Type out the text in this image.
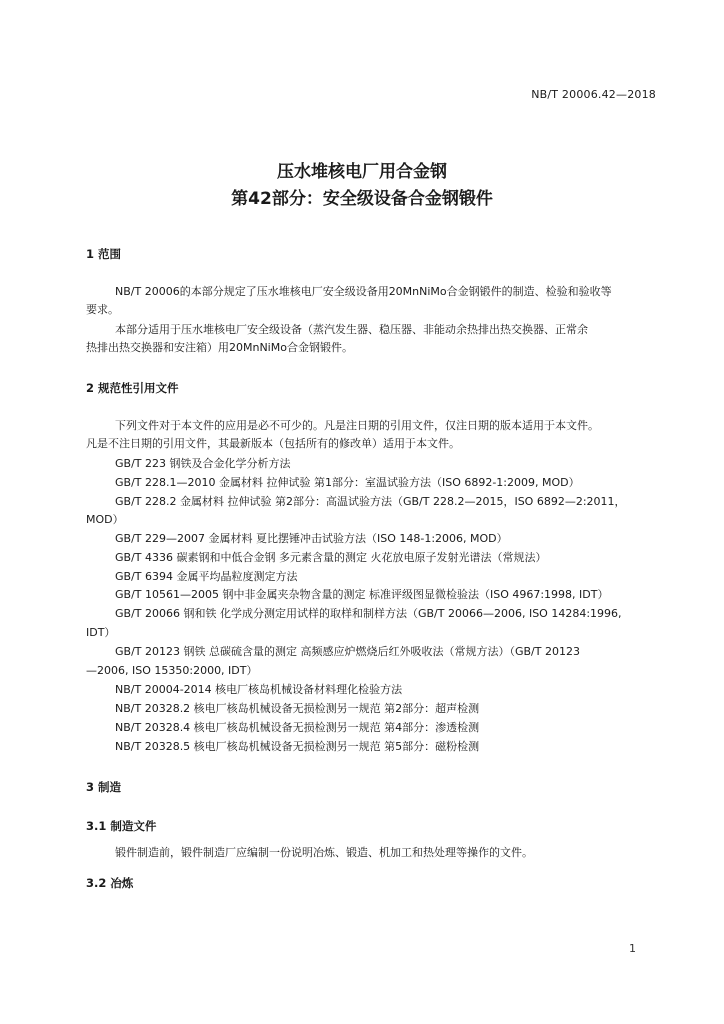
NB/T 20006.42—2018
压水堆核电厂用合金钢
第42部分：安全级设备合金钢锻件
1 范围
NB/T 20006的本部分规定了压水堆核电厂安全级设备用20MnNiMo合金钢锻件的制造、检验和验收等
要求。
本部分适用于压水堆核电厂安全级设备（蒸汽发生器、稳压器、非能动余热排出热交换器、正常余
热排出热交换器和安注箱）用20MnNiMo合金钢锻件。
2 规范性引用文件
下列文件对于本文件的应用是必不可少的。凡是注日期的引用文件，仅注日期的版本适用于本文件。
凡是不注日期的引用文件，其最新版本（包括所有的修改单）适用于本文件。
GB/T 223 钢铁及合金化学分析方法
GB/T 228.1—2010 金属材料 拉伸试验 第1部分：室温试验方法（ISO 6892-1:2009, MOD）
GB/T 228.2 金属材料 拉伸试验 第2部分：高温试验方法（GB/T 228.2—2015，ISO 6892—2:2011，
MOD）
GB/T 229—2007 金属材料 夏比摆锤冲击试验方法（ISO 148-1:2006, MOD）
GB/T 4336 碳素钢和中低合金钢 多元素含量的测定 火花放电原子发射光谱法（常规法）
GB/T 6394 金属平均晶粒度测定方法
GB/T 10561—2005 钢中非金属夹杂物含量的测定 标准评级图显微检验法（ISO 4967:1998, IDT）
GB/T 20066 钢和铁 化学成分测定用试样的取样和制样方法（GB/T 20066—2006, ISO 14284:1996,
IDT）
GB/T 20123 钢铁 总碳硫含量的测定 高频感应炉燃烧后红外吸收法（常规方法）（GB/T 20123
—2006, ISO 15350:2000, IDT）
NB/T 20004-2014 核电厂核岛机械设备材料理化检验方法
NB/T 20328.2 核电厂核岛机械设备无损检测另一规范 第2部分：超声检测
NB/T 20328.4 核电厂核岛机械设备无损检测另一规范 第4部分：渗透检测
NB/T 20328.5 核电厂核岛机械设备无损检测另一规范 第5部分：磁粉检测
3 制造
3.1 制造文件
锻件制造前，锻件制造厂应编制一份说明冶炼、锻造、机加工和热处理等操作的文件。
3.2 冶炼
1
